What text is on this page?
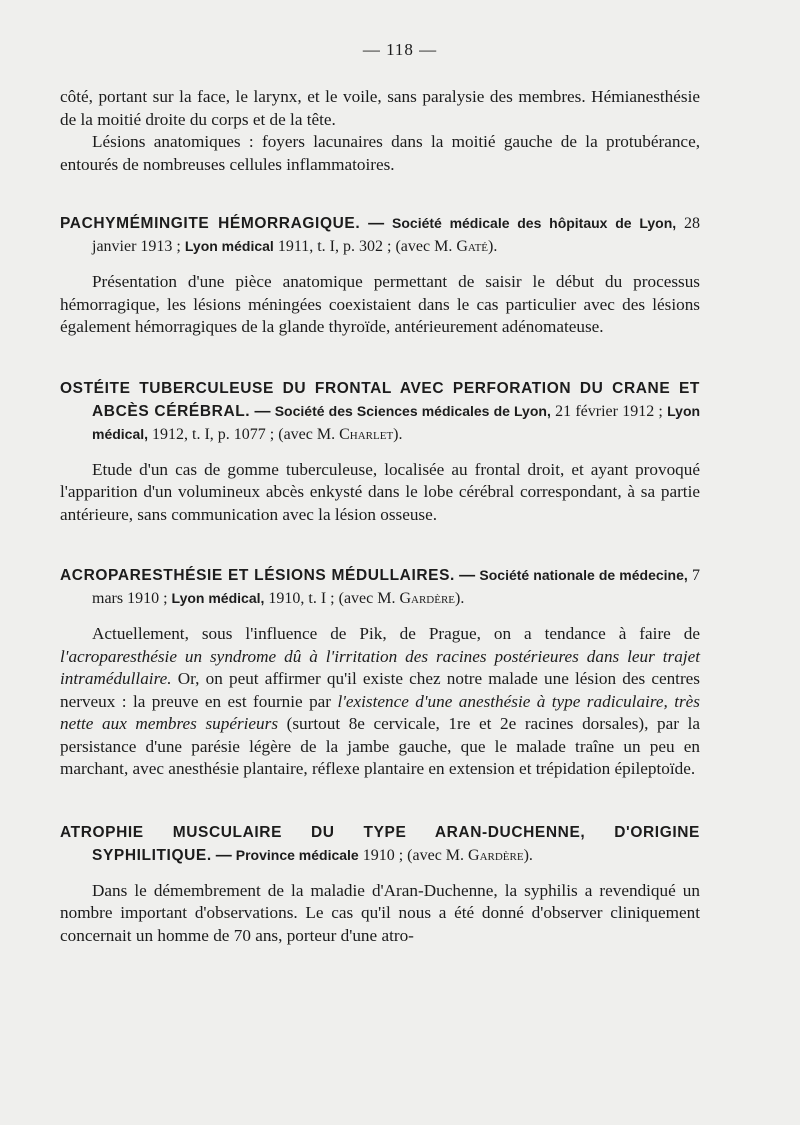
— 118 —

côté, portant sur la face, le larynx, et le voile, sans paralysie des membres. Hémianesthésie de la moitié droite du corps et de la tête.

Lésions anatomiques : foyers lacunaires dans la moitié gauche de la protubérance, entourés de nombreuses cellules inflammatoires.

PACHYMÉMINGITE HÉMORRAGIQUE. — Société médicale des hôpitaux de Lyon, 28 janvier 1913 ; Lyon médical 1911, t. I, p. 302 ; (avec M. Gaté).

Présentation d'une pièce anatomique permettant de saisir le début du processus hémorragique, les lésions méningées coexistaient dans le cas particulier avec des lésions également hémorragiques de la glande thyroïde, antérieurement adénomateuse.

OSTÉITE TUBERCULEUSE DU FRONTAL AVEC PERFORATION DU CRANE ET ABCÈS CÉRÉBRAL. — Société des Sciences médicales de Lyon, 21 février 1912 ; Lyon médical, 1912, t. I, p. 1077 ; (avec M. Charlet).

Etude d'un cas de gomme tuberculeuse, localisée au frontal droit, et ayant provoqué l'apparition d'un volumineux abcès enkysté dans le lobe cérébral correspondant, à sa partie antérieure, sans communication avec la lésion osseuse.

ACROPARESTHÉSIE ET LÉSIONS MÉDULLAIRES. — Société nationale de médecine, 7 mars 1910 ; Lyon médical, 1910, t. I ; (avec M. Gardère).

Actuellement, sous l'influence de Pik, de Prague, on a tendance à faire de l'acroparesthésie un syndrome dû à l'irritation des racines postérieures dans leur trajet intramédullaire. Or, on peut affirmer qu'il existe chez notre malade une lésion des centres nerveux : la preuve en est fournie par l'existence d'une anesthésie à type radiculaire, très nette aux membres supérieurs (surtout 8e cervicale, 1re et 2e racines dorsales), par la persistance d'une parésie légère de la jambe gauche, que le malade traîne un peu en marchant, avec anesthésie plantaire, réflexe plantaire en extension et trépidation épileptoïde.

ATROPHIE MUSCULAIRE DU TYPE ARAN-DUCHENNE, D'ORIGINE SYPHILITIQUE. — Province médicale 1910 ; (avec M. Gardère).

Dans le démembrement de la maladie d'Aran-Duchenne, la syphilis a revendiqué un nombre important d'observations. Le cas qu'il nous a été donné d'observer cliniquement concernait un homme de 70 ans, porteur d'une atro-
